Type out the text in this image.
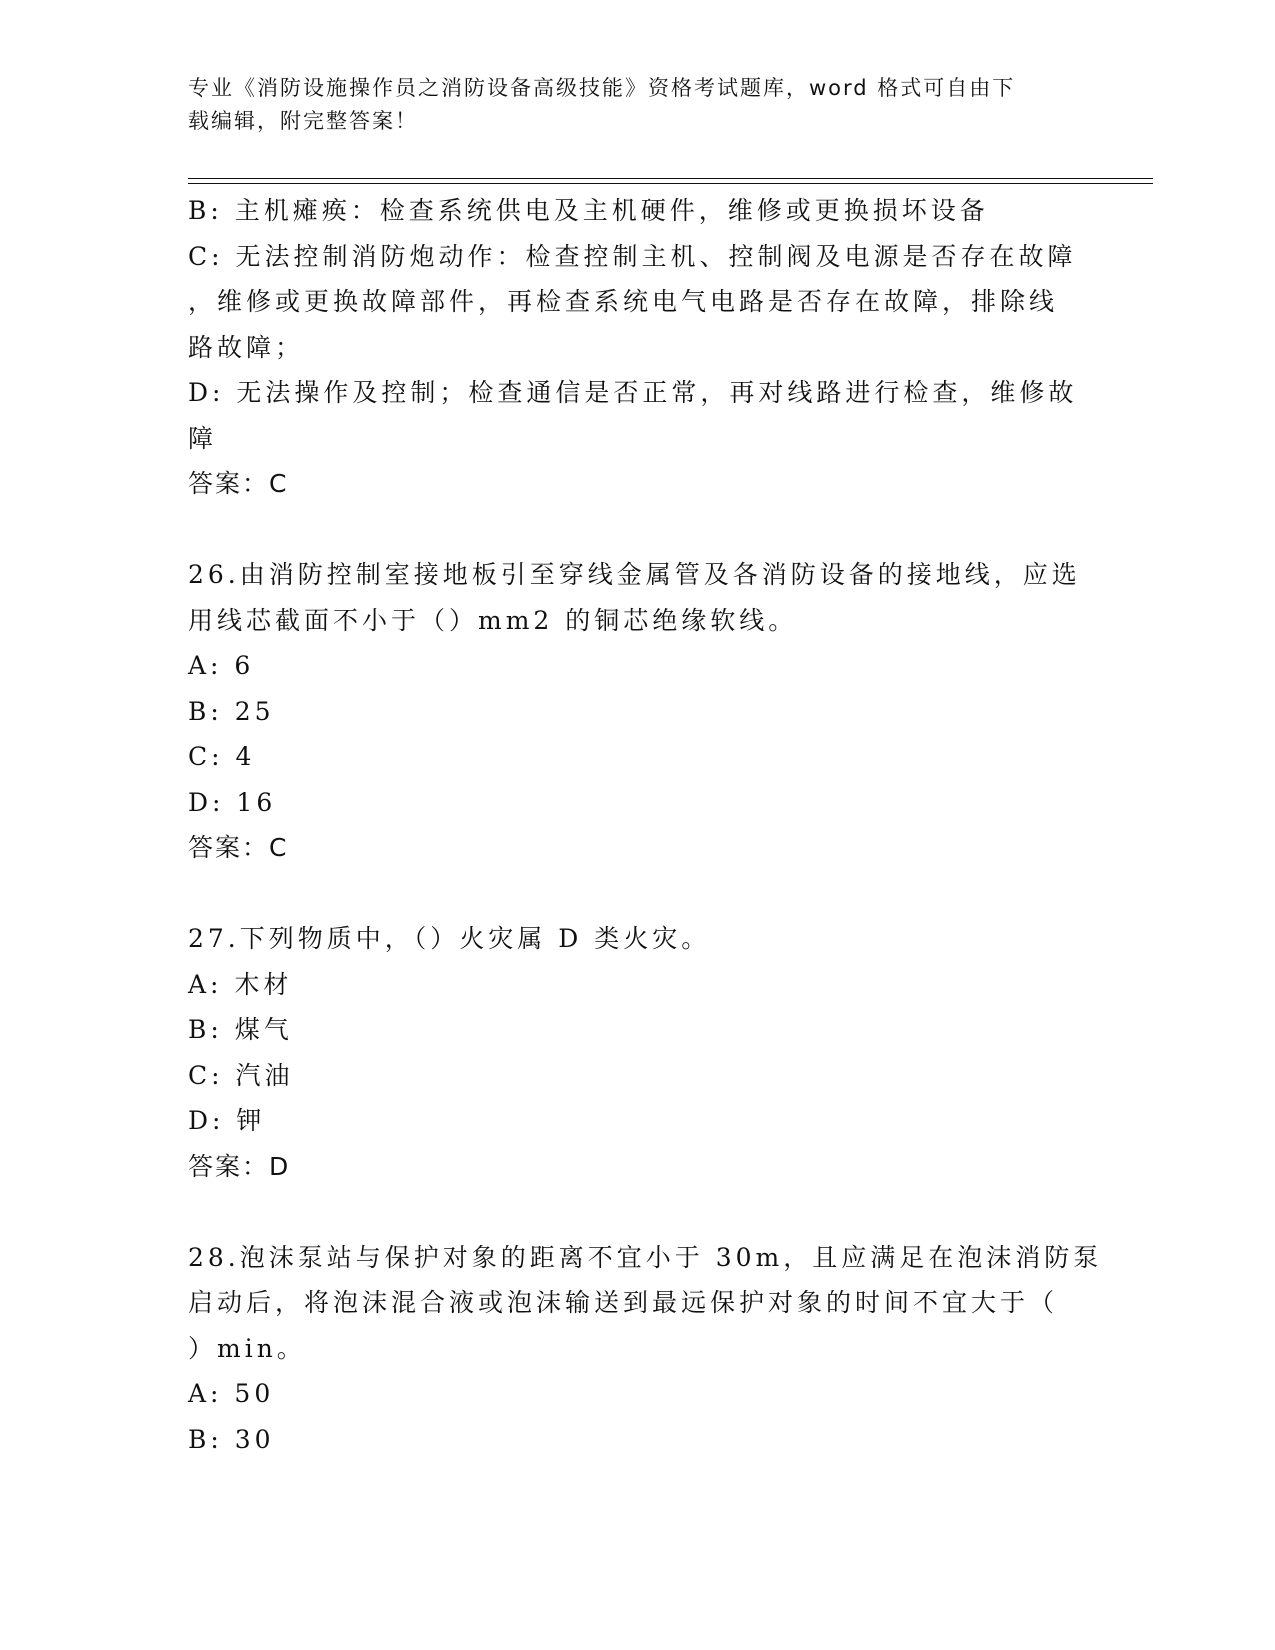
专业《消防设施操作员之消防设备高级技能》资格考试题库，word 格式可自由下
载编辑，附完整答案！
B: 主机瘫痪：检查系统供电及主机硬件，维修或更换损坏设备
C: 无法控制消防炮动作：检查控制主机、控制阀及电源是否存在故障
，维修或更换故障部件，再检查系统电气电路是否存在故障，排除线
路故障；
D: 无法操作及控制；检查通信是否正常，再对线路进行检查，维修故
障
答案：C
26.由消防控制室接地板引至穿线金属管及各消防设备的接地线，应选
用线芯截面不小于（）mm2 的铜芯绝缘软线。
A: 6
B: 25
C: 4
D: 16
答案：C
27.下列物质中，（）火灾属 D 类火灾。
A: 木材
B: 煤气
C: 汽油
D: 钾
答案：D
28.泡沫泵站与保护对象的距离不宜小于 30m，且应满足在泡沫消防泵
启动后，将泡沫混合液或泡沫输送到最远保护对象的时间不宜大于（
）min。
A: 50
B: 30
